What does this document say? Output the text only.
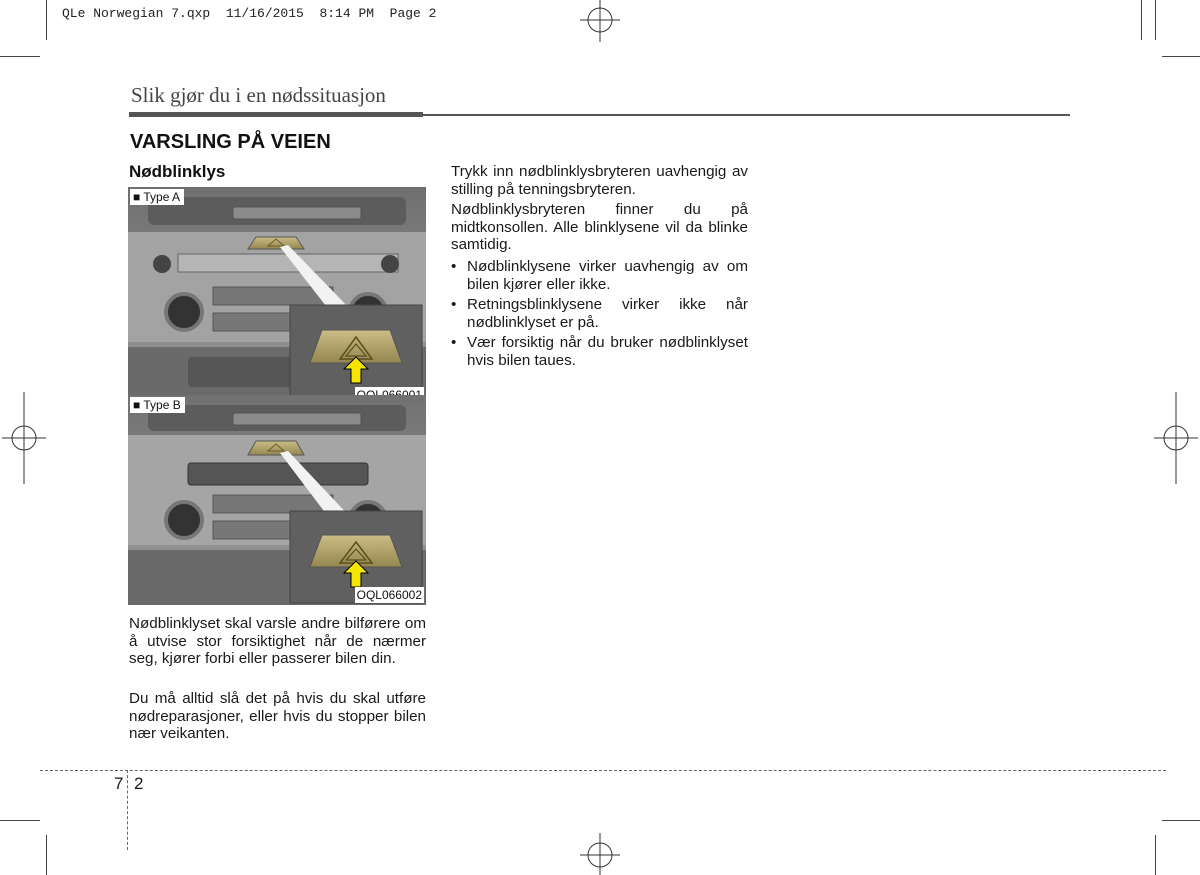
QLe Norwegian 7.qxp  11/16/2015  8:14 PM  Page 2
Slik gjør du i en nødssituasjon
VARSLING PÅ VEIEN
Nødblinklys
■ Type A
■ Type B
OQL066002

Nødblinklyset skal varsle andre bilførere om å utvise stor forsiktighet når de nærmer seg, kjører forbi eller passerer bilen din.

Du må alltid slå det på hvis du skal utføre nødreparasjoner, eller hvis du stopper bilen nær veikanten.

Trykk inn nødblinklysbryteren uavhengig av stilling på tenningsbryteren.

Nødblinklysbryteren finner du på midtkonsollen. Alle blinklysene vil da blinke samtidig.

• Nødblinklysene virker uavhengig av om bilen kjører eller ikke.
• Retningsblinklysene virker ikke når nødblinklyset er på.
• Vær forsiktig når du bruker nødblinklyset hvis bilen taues.
7 2
